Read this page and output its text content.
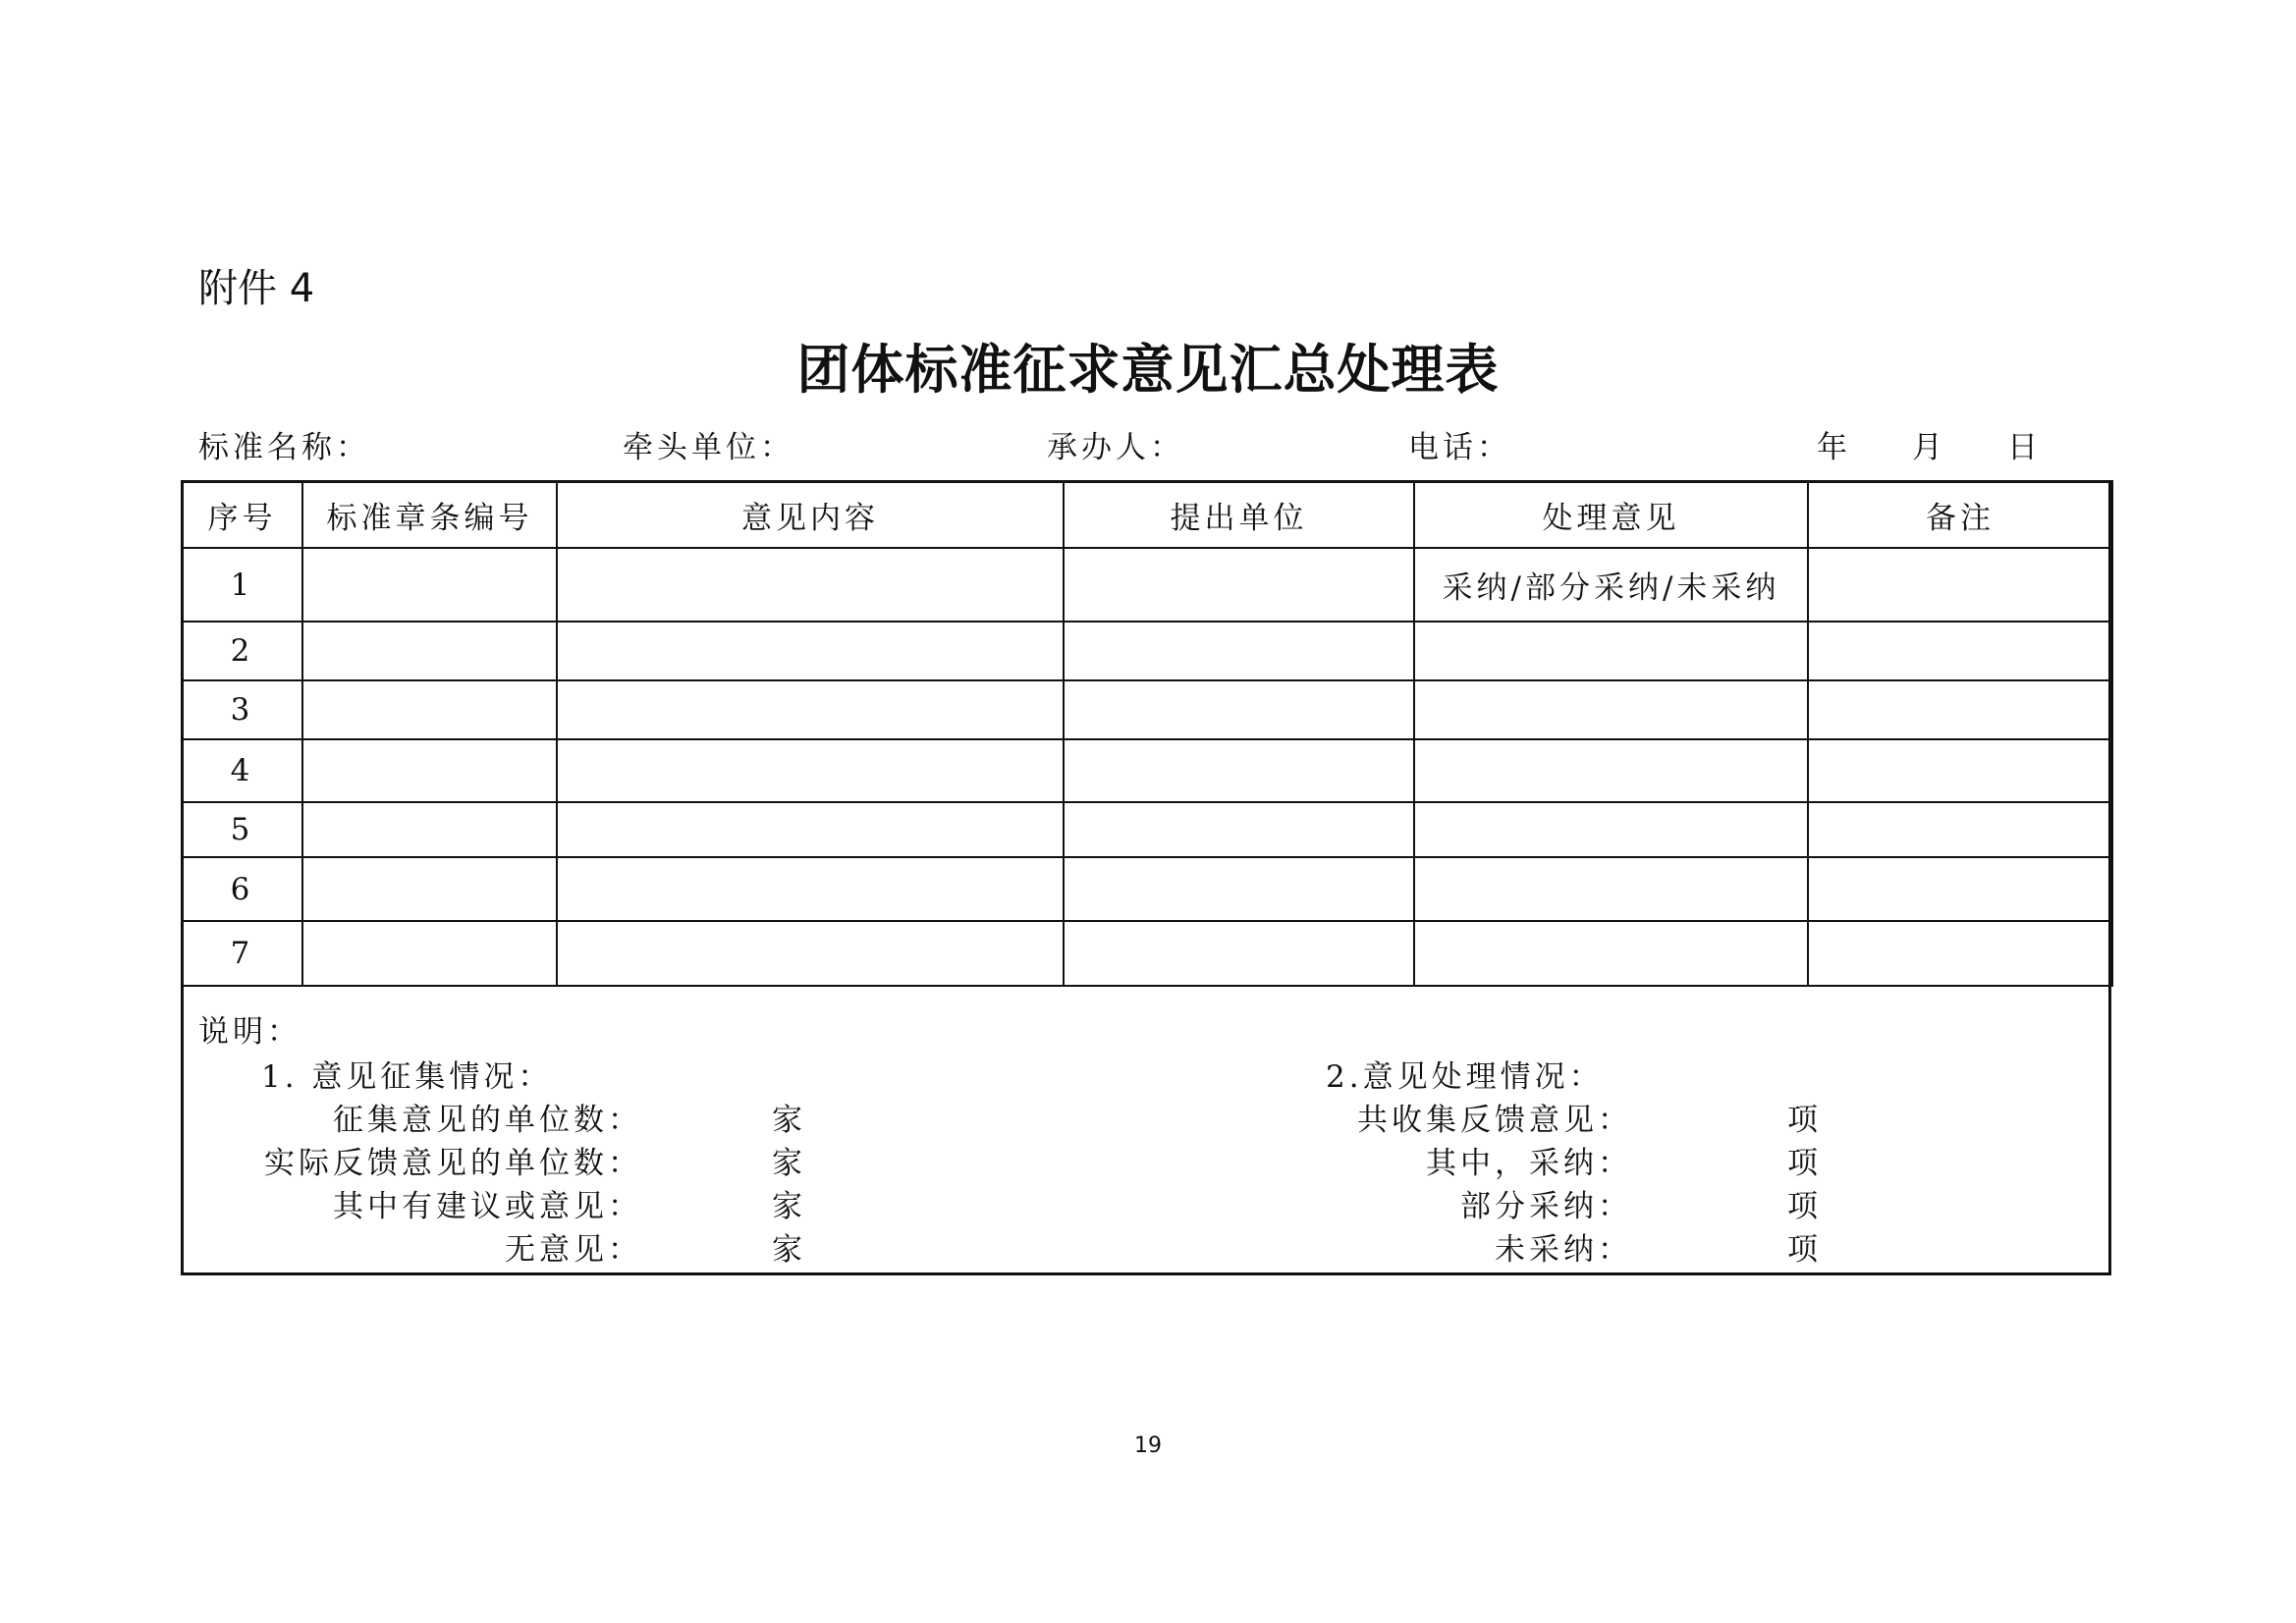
附件 4
团体标准征求意见汇总处理表
标准名称：	牵头单位：	承办人：	电话：	年 月 日
序号	标准章条编号	意见内容	提出单位	处理意见	备注
1				采纳/部分采纳/未采纳	
2					
3					
4					
5					
6					
7					
说明：
1. 意见征集情况：
征集意见的单位数：	家
实际反馈意见的单位数：	家
其中有建议或意见：	家
无意见：	家
2.意见处理情况：
共收集反馈意见：	项
其中，采纳：	项
部分采纳：	项
未采纳：	项
19
